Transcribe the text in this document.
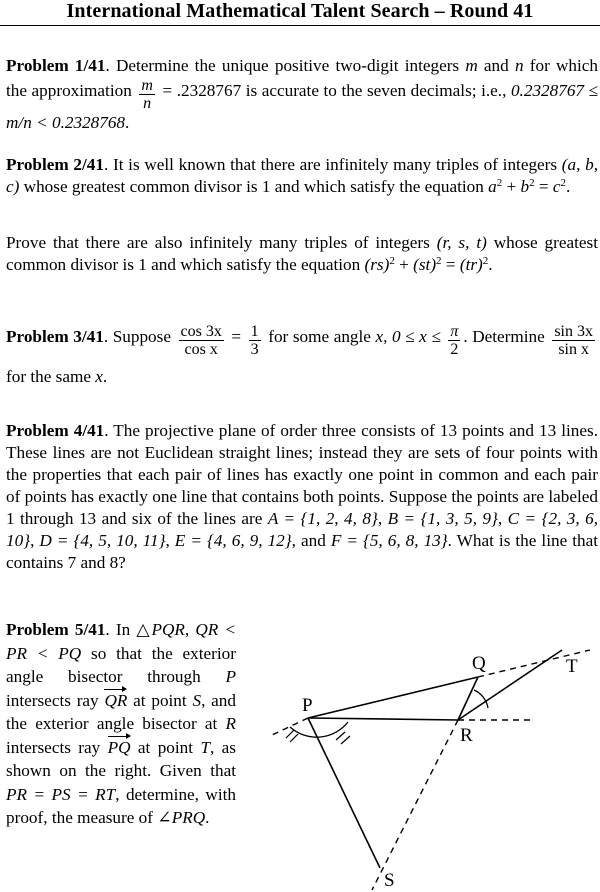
International Mathematical Talent Search – Round 41

Problem 1/41. Determine the unique positive two-digit integers m and n for which the approximation $\frac{m}{n} = .2328767$ is accurate to the seven decimals; i.e., 0.2328767 ≤ m/n < 0.2328768.

Problem 2/41. It is well known that there are infinitely many triples of integers (a, b, c) whose greatest common divisor is 1 and which satisfy the equation $a^2 + b^2 = c^2$.

Prove that there are also infinitely many triples of integers (r, s, t) whose greatest common divisor is 1 and which satisfy the equation (rs)$^2$ + (st)$^2$ = (tr)$^2$.

Problem 3/41. Suppose $\frac{\cos 3x}{\text{cos x}} = \frac{1}{3}$ for some angle x, $0 \le x \le \frac{\pi}{2}$ . Determine $\frac{\sin 3x}{\text{sin x}}$
for the same x.

Problem 4/41. The projective plane of order three consists of 13 points and 13 lines. These lines are not Euclidean straight lines; instead they are sets of four points with the properties that each pair of lines has exactly one point in common and each pair of points has exactly one line that contains both points. Suppose the points are labeled 1 through 13 and six of the lines are A = {1, 2, 4, 8}, B = {1, 3, 5, 9}, C = {2, 3, 6, 10}, D = {4, 5, 10, 11}, E = {4, 6, 9, 12}, and F = {5, 6, 8, 13}. What is the line that contains 7 and 8?

Problem 5/41. In △PQR, QR < PR < PQ so that the exterior angle bisector through P intersects ray QR at point S, and the exterior angle bisector at R intersects ray PQ at point T, as shown on the right. Given that PR = PS = RT, determine, with proof, the measure of ∠PRQ.

P
Q
R
S
T
